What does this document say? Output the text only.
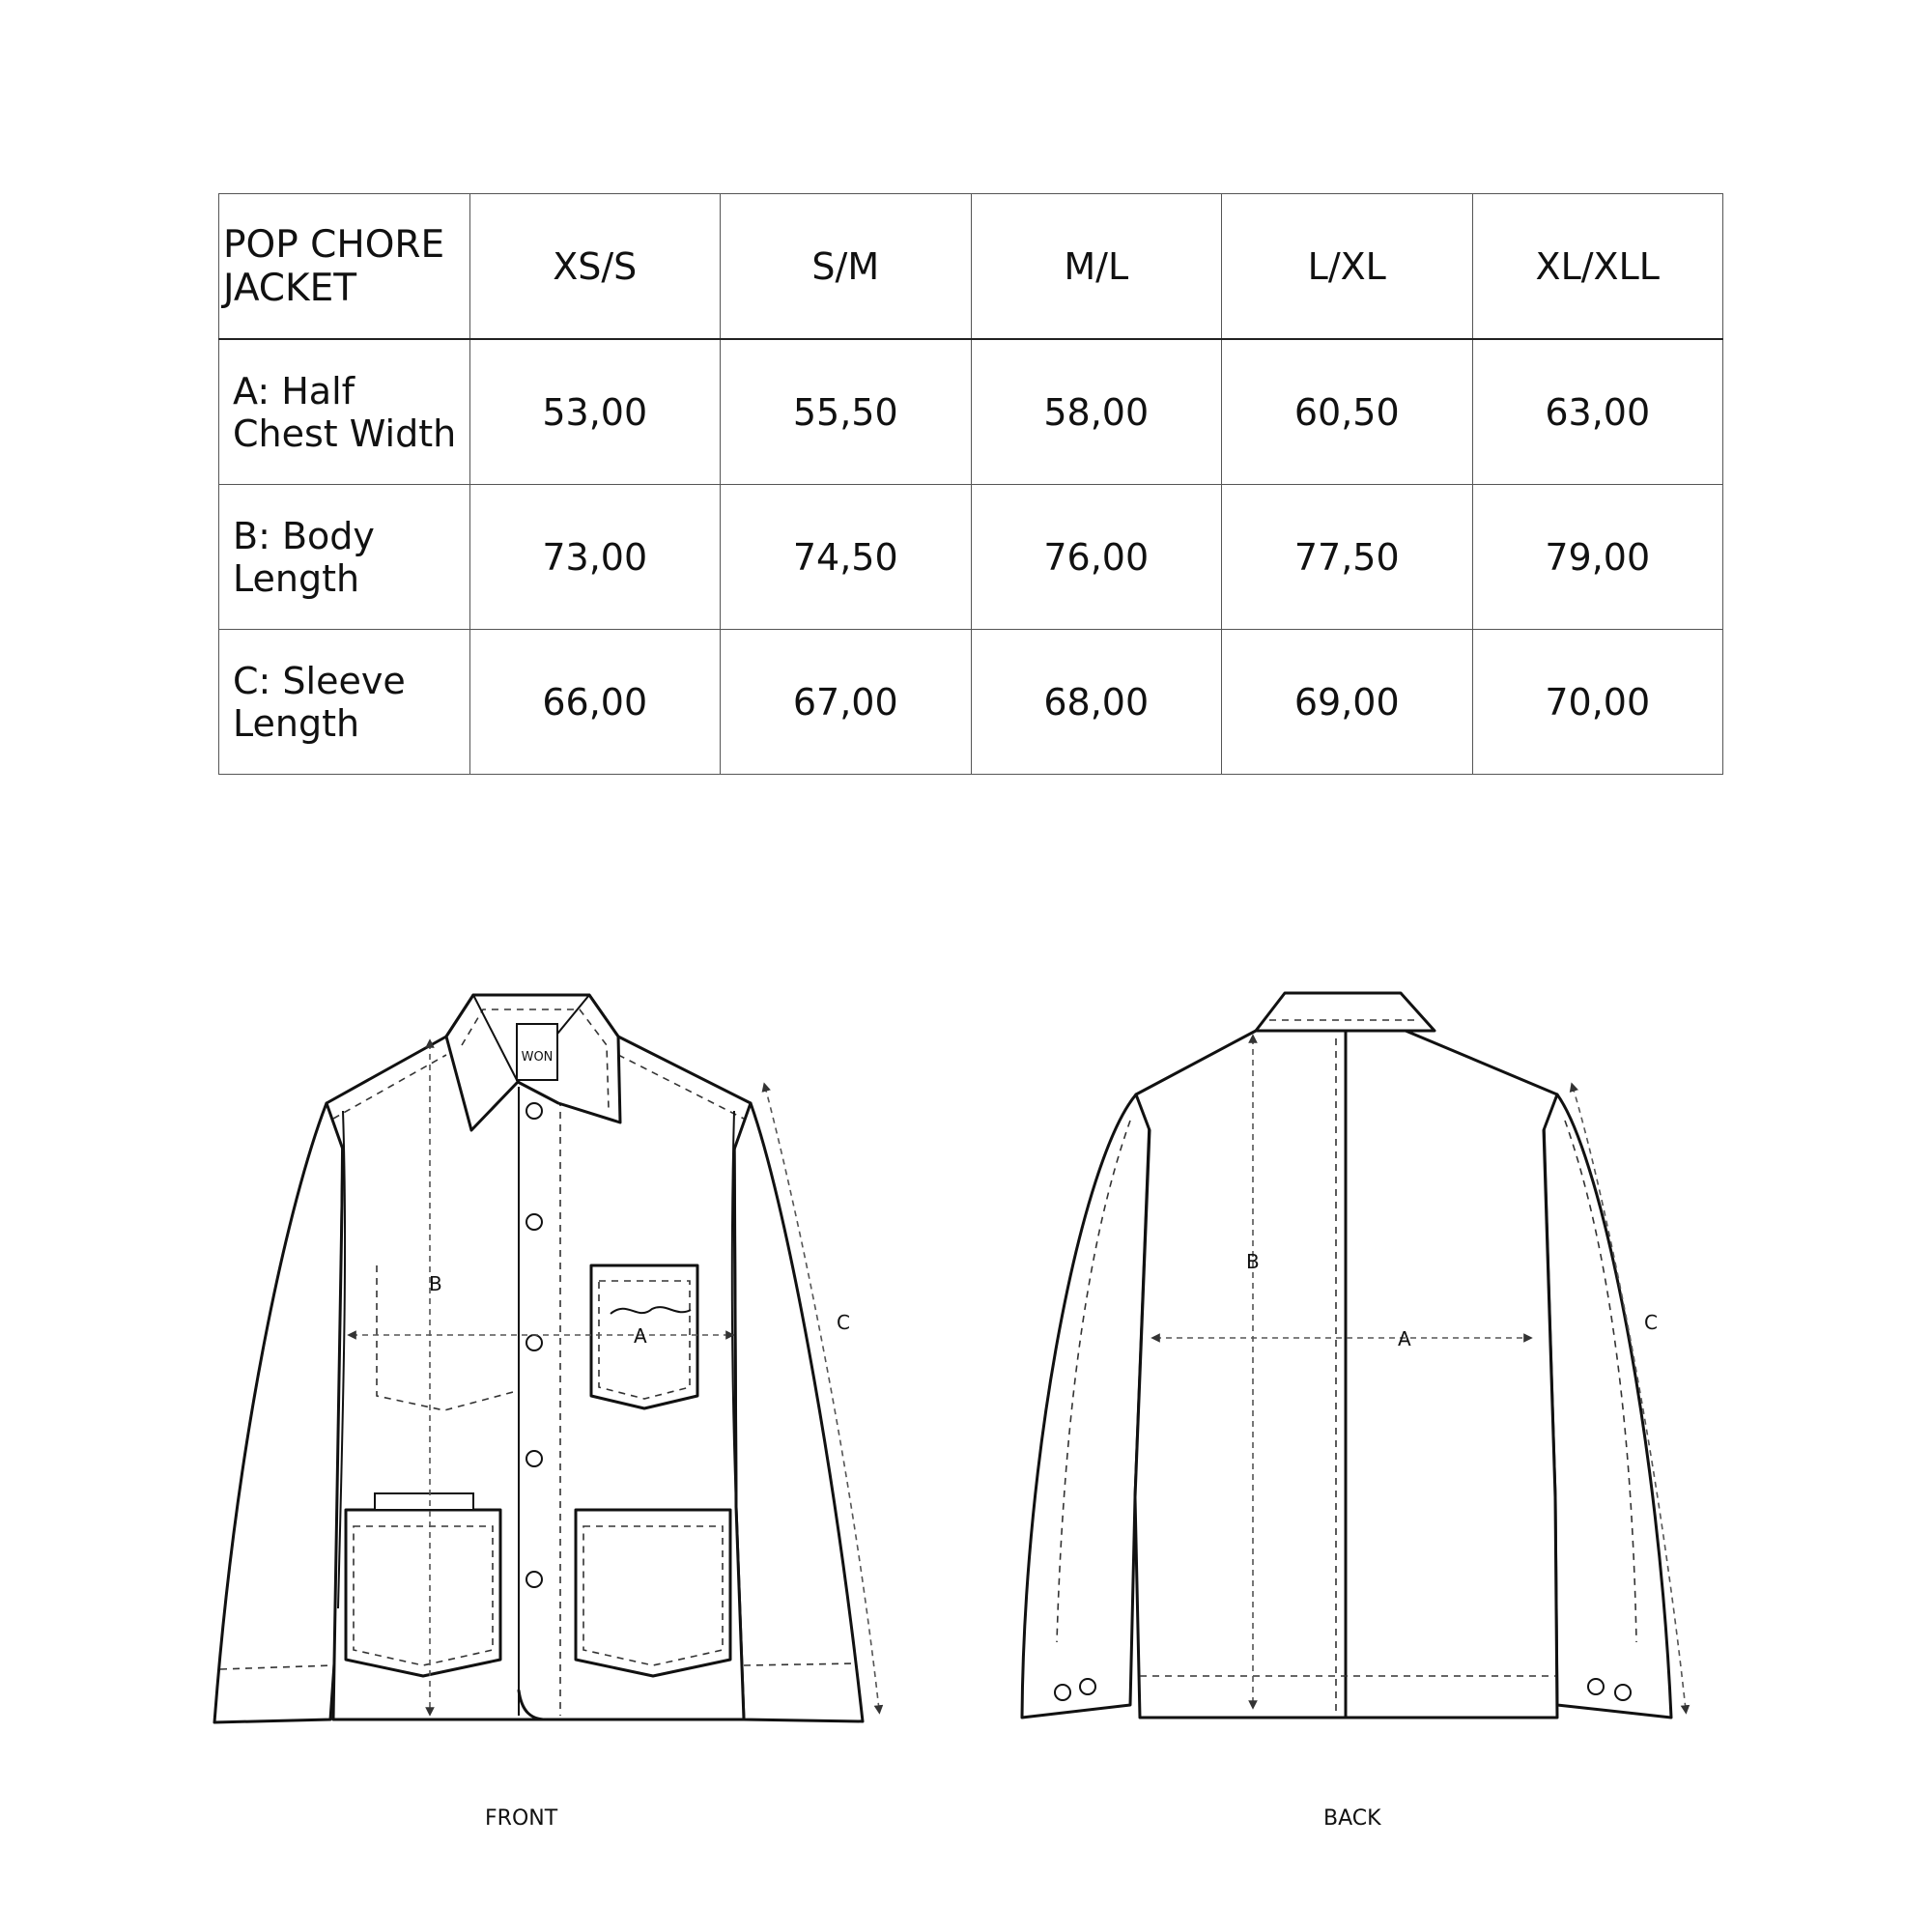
POP CHORE JACKET	XS/S	S/M	M/L	L/XL	XL/XLL
A: Half Chest Width	53,00	55,50	58,00	60,50	63,00
B: Body Length	73,00	74,50	76,00	77,50	79,00
C: Sleeve Length	66,00	67,00	68,00	69,00	70,00
WON
A
B
C
A
B
C
FRONT	BACK
